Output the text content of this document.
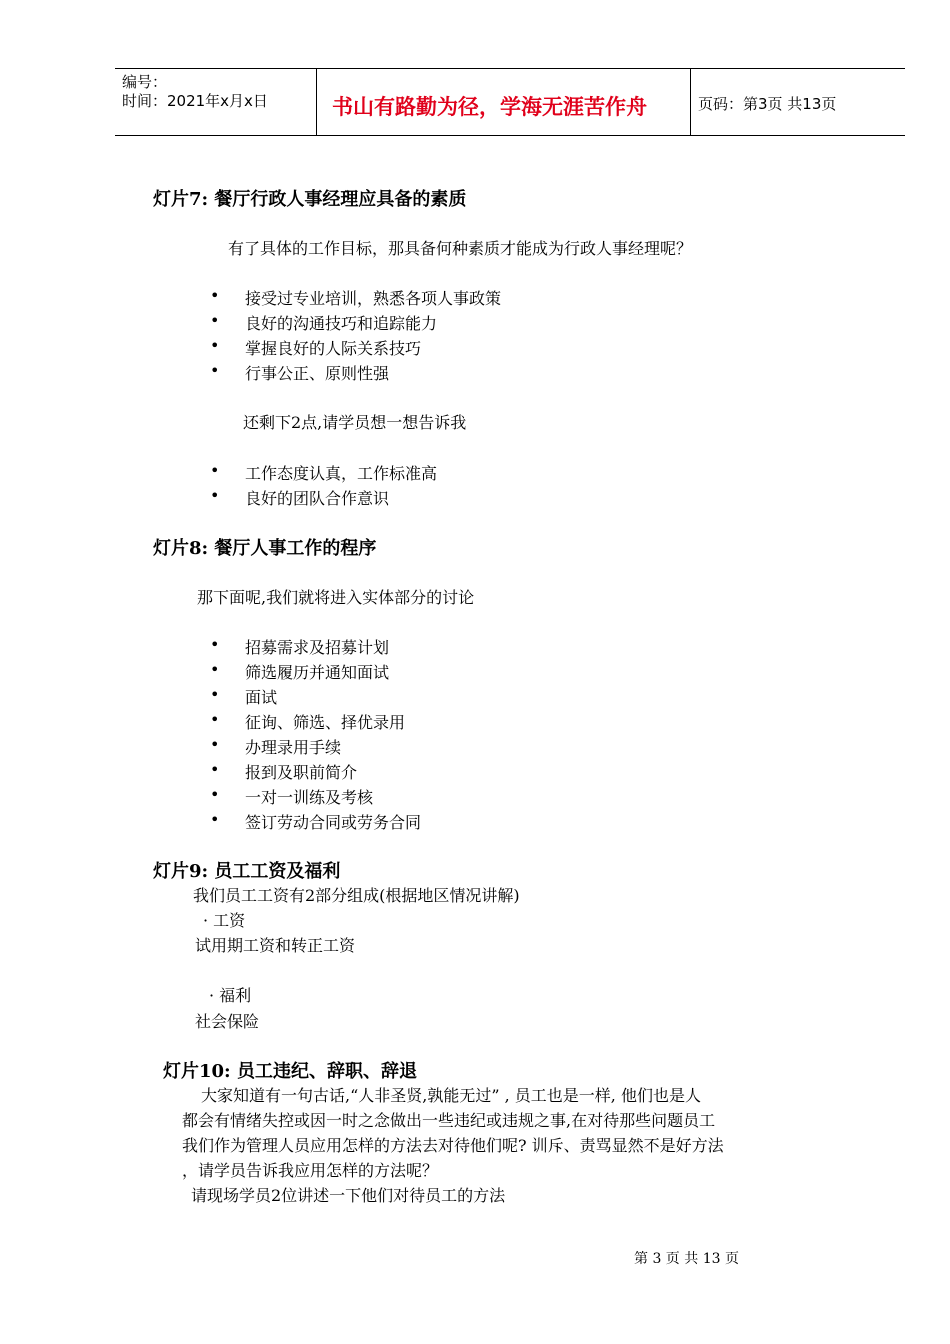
编号：
时间：2021年x月x日	书山有路勤为径，学海无涯苦作舟	页码：第3页 共13页
灯片7: 餐厅行政人事经理应具备的素质
有了具体的工作目标，那具备何种素质才能成为行政人事经理呢？
• 接受过专业培训，熟悉各项人事政策
• 良好的沟通技巧和追踪能力
• 掌握良好的人际关系技巧
• 行事公正、原则性强
还剩下2点,请学员想一想告诉我
• 工作态度认真，工作标准高
• 良好的团队合作意识
灯片8: 餐厅人事工作的程序
那下面呢,我们就将进入实体部分的讨论
• 招募需求及招募计划
• 筛选履历并通知面试
• 面试
• 征询、筛选、择优录用
• 办理录用手续
• 报到及职前简介
• 一对一训练及考核
• 签订劳动合同或劳务合同
灯片9: 员工工资及福利
我们员工工资有2部分组成(根据地区情况讲解)
· 工资
试用期工资和转正工资
· 福利
社会保险
灯片10: 员工违纪、辞职、辞退
大家知道有一句古话,“人非圣贤,孰能无过” , 员工也是一样, 他们也是人
都会有情绪失控或因一时之念做出一些违纪或违规之事,在对待那些问题员工
我们作为管理人员应用怎样的方法去对待他们呢? 训斥、责骂显然不是好方法
，请学员告诉我应用怎样的方法呢？
请现场学员2位讲述一下他们对待员工的方法
第 3 页 共 13 页
